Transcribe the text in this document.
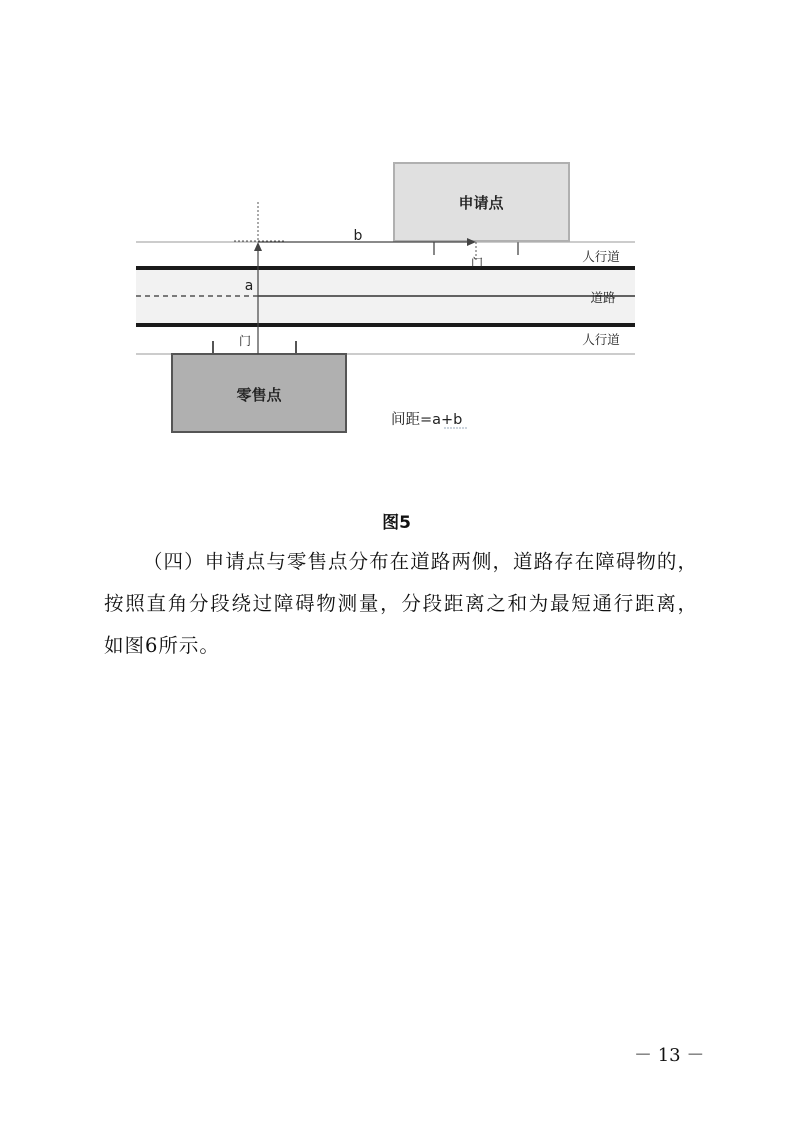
申请点
门
零售点
门
a
b
人行道
道路
人行道
间距=a+b
图5

（四）申请点与零售点分布在道路两侧，道路存在障碍物的，按照直角分段绕过障碍物测量，分段距离之和为最短通行距离，如图6所示。

－ 13 －
